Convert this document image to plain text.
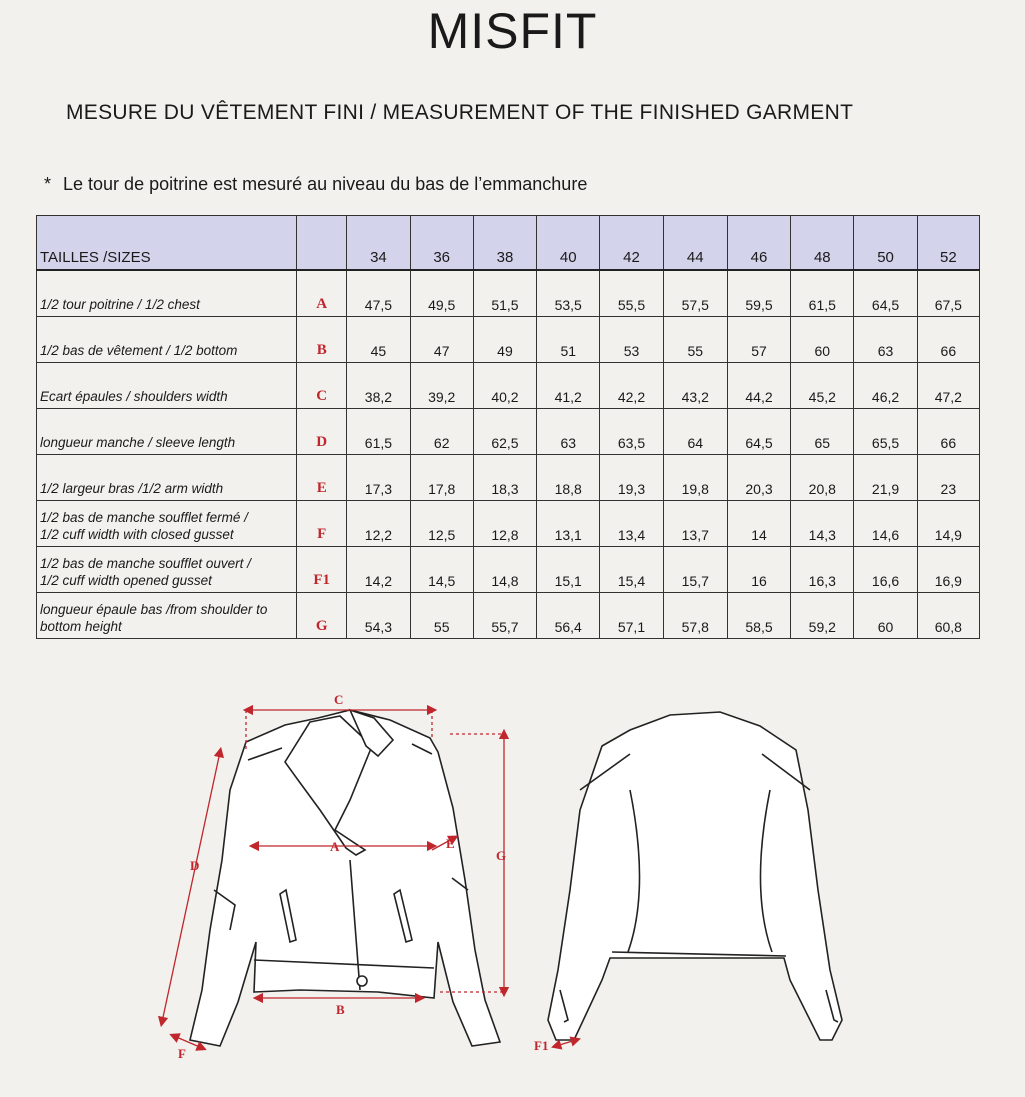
MISFIT
MESURE DU VÊTEMENT FINI / MEASUREMENT OF THE FINISHED GARMENT
* Le tour de poitrine est mesuré au niveau du bas de l’emmanchure
TAILLES /SIZES		34	36	38	40	42	44	46	48	50	52
1/2 tour poitrine / 1/2 chest	A	47,5	49,5	51,5	53,5	55,5	57,5	59,5	61,5	64,5	67,5
1/2 bas de vêtement / 1/2 bottom	B	45	47	49	51	53	55	57	60	63	66
Ecart épaules / shoulders width	C	38,2	39,2	40,2	41,2	42,2	43,2	44,2	45,2	46,2	47,2
longueur manche / sleeve length	D	61,5	62	62,5	63	63,5	64	64,5	65	65,5	66
1/2 largeur bras /1/2 arm width	E	17,3	17,8	18,3	18,8	19,3	19,8	20,3	20,8	21,9	23
1/2 bas de manche soufflet fermé /
1/2 cuff width with closed gusset	F	12,2	12,5	12,8	13,1	13,4	13,7	14	14,3	14,6	14,9
1/2 bas de manche soufflet ouvert /
1/2 cuff width opened gusset	F1	14,2	14,5	14,8	15,1	15,4	15,7	16	16,3	16,6	16,9
longueur épaule bas /from shoulder to
bottom height	G	54,3	55	55,7	56,4	57,1	57,8	58,5	59,2	60	60,8
C
A
B
D
E
G
F
F1
